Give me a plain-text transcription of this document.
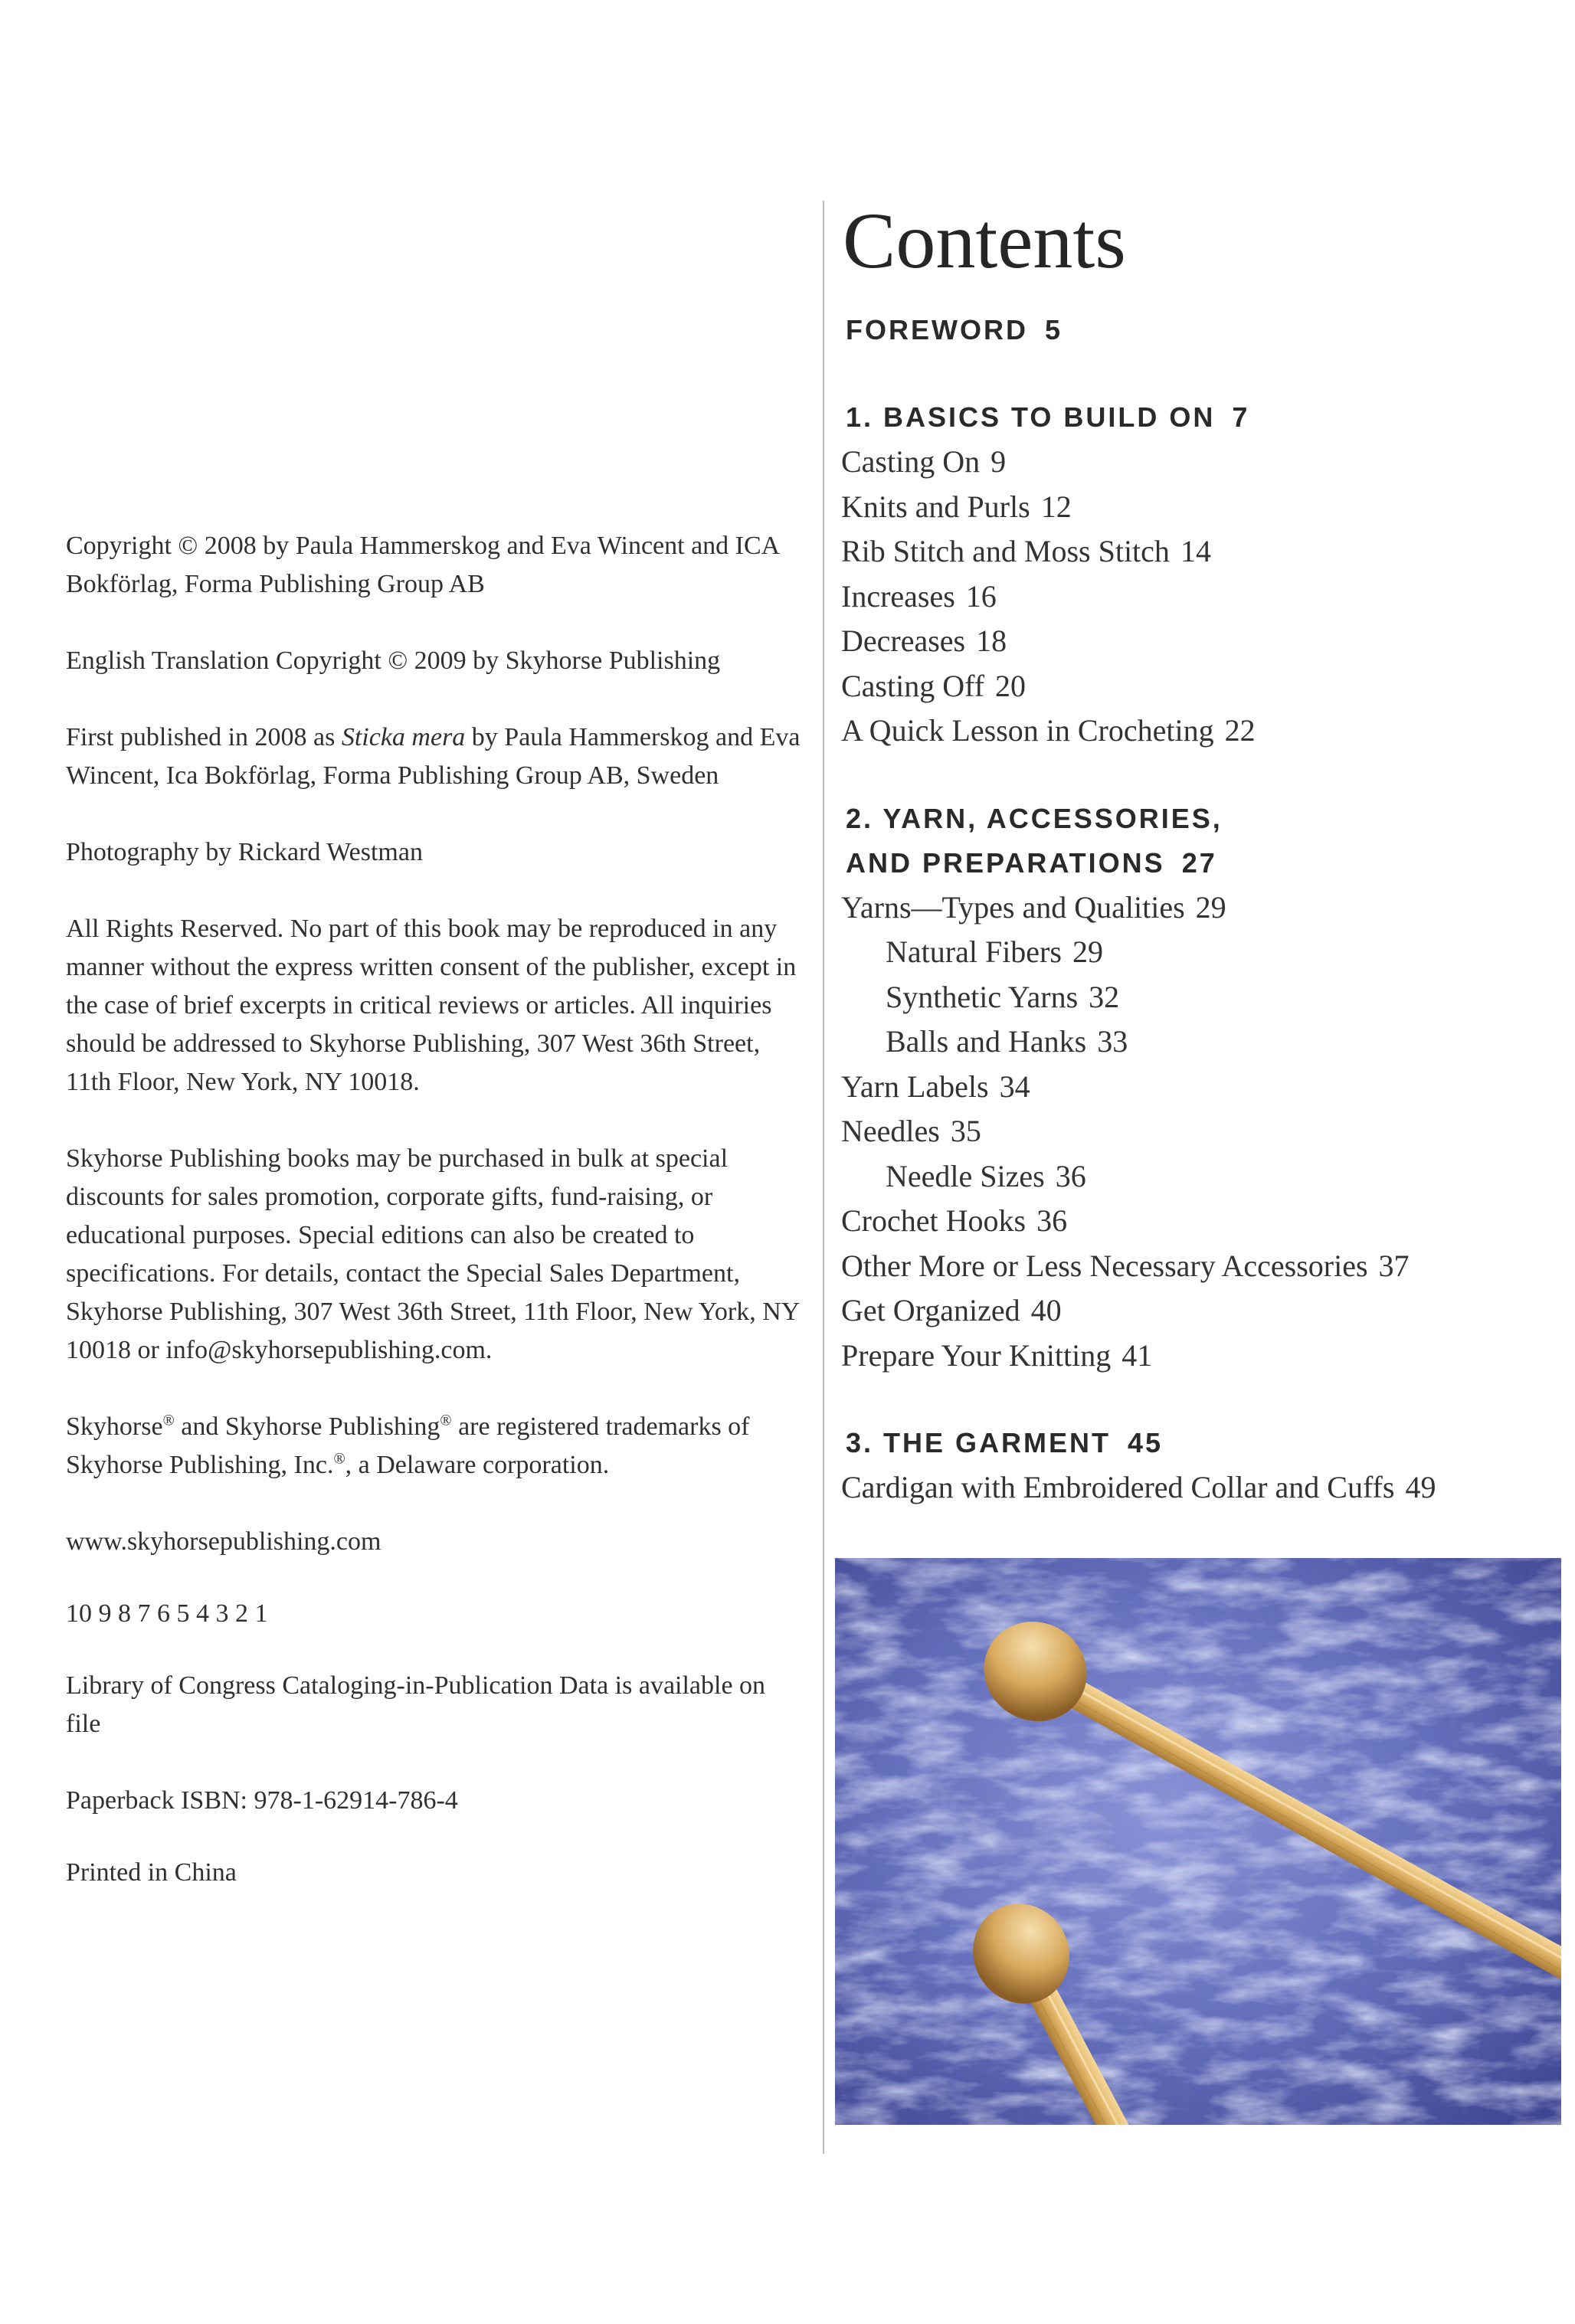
Copyright © 2008 by Paula Hammerskog and Eva Wincent and ICA Bokförlag, Forma Publishing Group AB

English Translation Copyright © 2009 by Skyhorse Publishing

First published in 2008 as Sticka mera by Paula Hammerskog and Eva Wincent, Ica Bokförlag, Forma Publishing Group AB, Sweden

Photography by Rickard Westman

All Rights Reserved. No part of this book may be reproduced in any manner without the express written consent of the publisher, except in the case of brief excerpts in critical reviews or articles. All inquiries should be addressed to Skyhorse Publishing, 307 West 36th Street, 11th Floor, New York, NY 10018.

Skyhorse Publishing books may be purchased in bulk at special discounts for sales promotion, corporate gifts, fund-raising, or educational purposes. Special editions can also be created to specifications. For details, contact the Special Sales Department, Skyhorse Publishing, 307 West 36th Street, 11th Floor, New York, NY 10018 or info@skyhorsepublishing.com.

Skyhorse® and Skyhorse Publishing® are registered trademarks of Skyhorse Publishing, Inc.®, a Delaware corporation.

www.skyhorsepublishing.com

10 9 8 7 6 5 4 3 2 1

Library of Congress Cataloging-in-Publication Data is available on file

Paperback ISBN: 978-1-62914-786-4

Printed in China

Contents
FOREWORD 5
1. BASICS TO BUILD ON 7
Casting On 9
Knits and Purls 12
Rib Stitch and Moss Stitch 14
Increases 16
Decreases 18
Casting Off 20
A Quick Lesson in Crocheting 22
2. YARN, ACCESSORIES,
AND PREPARATIONS 27
Yarns—Types and Qualities 29
Natural Fibers 29
Synthetic Yarns 32
Balls and Hanks 33
Yarn Labels 34
Needles 35
Needle Sizes 36
Crochet Hooks 36
Other More or Less Necessary Accessories 37
Get Organized 40
Prepare Your Knitting 41
3. THE GARMENT 45
Cardigan with Embroidered Collar and Cuffs 49
